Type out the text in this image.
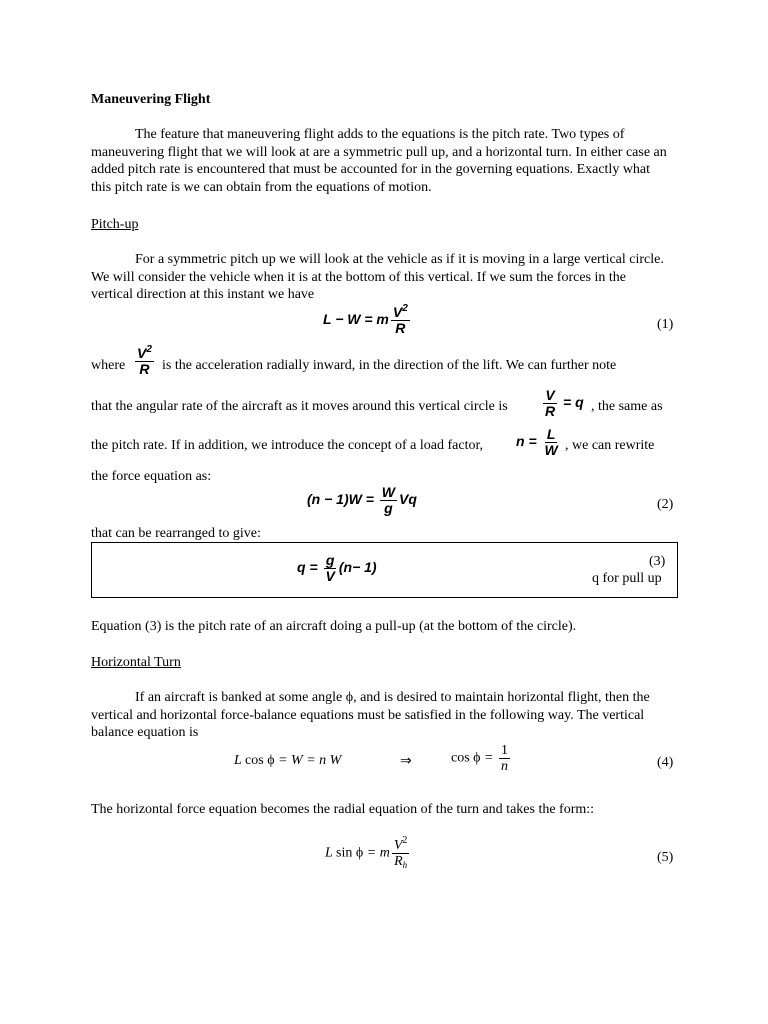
Maneuvering Flight
The feature that maneuvering flight adds to the equations is the pitch rate. Two types of maneuvering flight that we will look at are a symmetric pull up, and a horizontal turn. In either case an added pitch rate is encountered that must be accounted for in the governing equations. Exactly what this pitch rate is we can obtain from the equations of motion.
Pitch-up
For a symmetric pitch up we will look at the vehicle as if it is moving in a large vertical circle. We will consider the vehicle when it is at the bottom of this vertical. If we sum the forces in the vertical direction at this instant we have
L − W = m $\frac{V^2}{R}$	(1)
where $\frac{V^2}{R}$ is the acceleration radially inward, in the direction of the lift. We can further note
that the angular rate of the aircraft as it moves around this vertical circle is	$\frac{V}{R} = q$ , the same as
the pitch rate. If in addition, we introduce the concept of a load factor, $n = \frac{L}{W}$ , we can rewrite
the force equation as:
$(n - 1)W = \frac{W}{g}$ Vq	(2)
that can be rearranged to give:
$q = \frac{g}{V} (n- 1)$	(3)
q for pull up
Equation (3) is the pitch rate of an aircraft doing a pull-up (at the bottom of the circle).
Horizontal Turn
If an aircraft is banked at some angle ϕ, and is desired to maintain horizontal flight, then the vertical and horizontal force-balance equations must be satisfied in the following way. The vertical balance equation is
L cos ϕ = W = n W	⇒	$\cos \phi = \frac{1}{n}$	(4)
The horizontal force equation becomes the radial equation of the turn and takes the form::
L sin ϕ = m $\frac{V^2}{R_h}$	(5)
